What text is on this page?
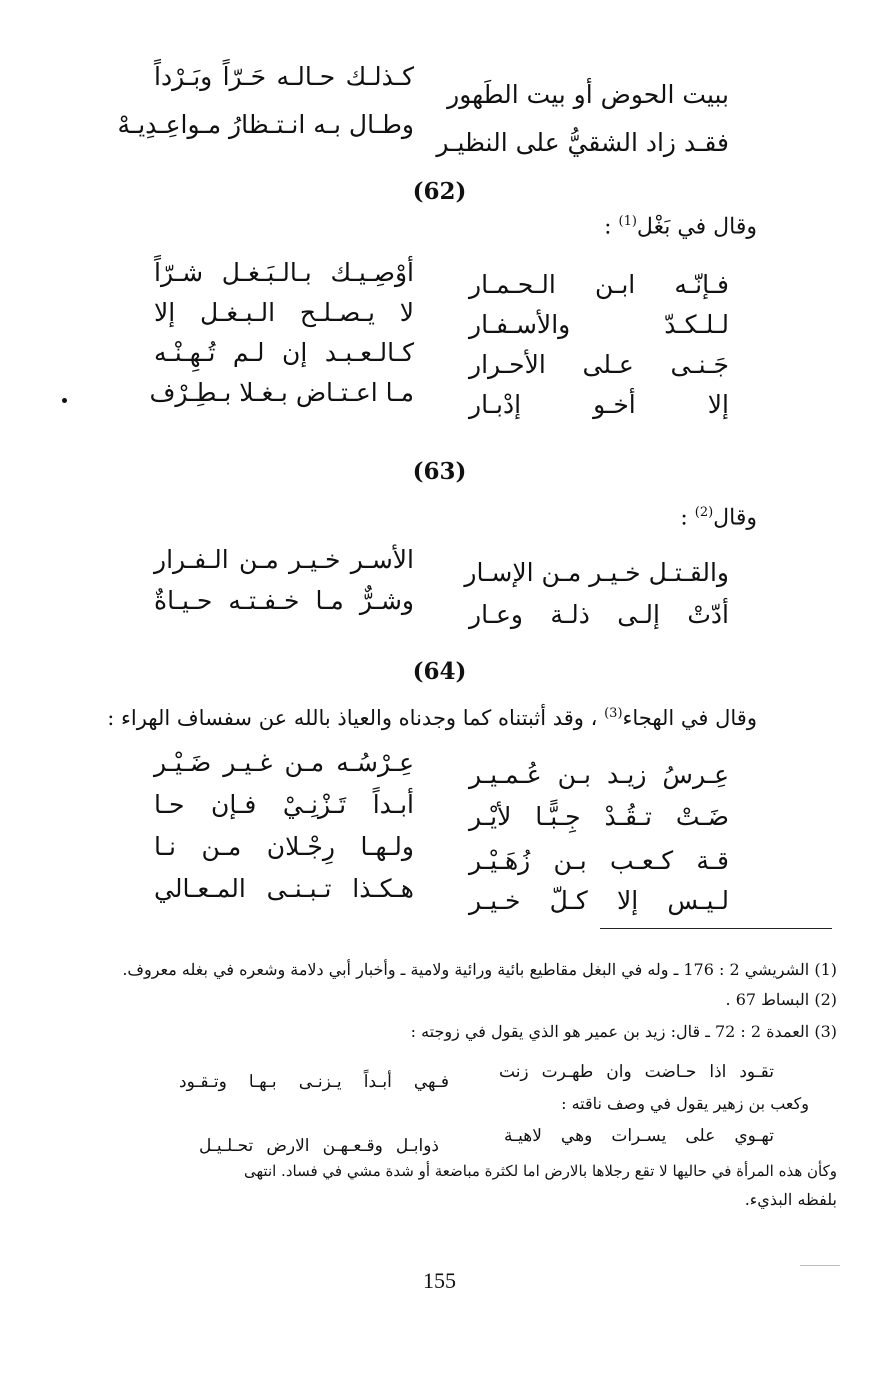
كـذلـك حـالـه حَـرّاً وبَـرْداً
ببيت الحوض أو بيت الطَهور
وطـال بـه انـتـظارُ مـواعِـدِيـهْ
فقـد زاد الشقيُّ على النظيـر
(62)
وقال في بَغْل$^{(1)}$ :
أوْصِـيـك بـالـبَـغـل شـرّاً فـإنّـه ابـن الـحـمـار
لا يـصـلـح الـبـغـل إلا لـلـكـدّ والأسـفـار
كـالـعـبـد إن لـم تُـهِـنْـه جَـنـى عـلى الأحـرار
مـا اعـتـاض بـغـلا بـطِـرْف إلا أخـو إدْبـار
(63)
وقال$^{(2)}$ :
الأسـر خـيـر مـن الـفـرار والقـتـل خـيـر مـن الإسـار
وشـرٌّ مـا خـفـتـه حـيـاةٌ أدّتْ إلـى ذلـة وعـار
(64)
وقال في الهجاء$^{(3)}$ ، وقد أثبتناه كما وجدناه والعياذ بالله عن سفساف الهراء :
عِـرْسُـه مـن غـيـر ضَـيْـر عِـرسُ زيـد بـن عُـمـيـر
أبـداً تَـزْنِـيْ فـإن حـا ضَـتْ تـقُـدْ جِـبًّـا لأيْـر
ولـهـا رِجْـلان مـن نـا قـة كـعـب بـن زُهَـيْـر
هـكـذا تـبـنـى المـعـالي لـيـس إلا كـلّ خـيـر
(1) الشريشي 2 : 176 ـ وله في البغل مقاطيع بائية ورائية ولامية ـ وأخبار أبي دلامة وشعره في بغله معروف.
(2) البساط 67 .
(3) العمدة 2 : 72 ـ قال: زيد بن عمير هو الذي يقول في زوجته :
تقـود اذا حـاضت وان طهـرت زنت
فـهي أبـداً يـزنـى بـهـا وتـقـود
وكعب بن زهير يقول في وصف ناقته :
تهـوي على يسـرات وهي لاهيـة
ذوابـل وقـعـهـن الارض تحـلـيـل
وكأن هذه المرأة في حاليها لا تقع رجلاها بالارض اما لكثرة مباضعة أو شدة مشي في فساد. انتهى
بلفظه البذيء.
155
